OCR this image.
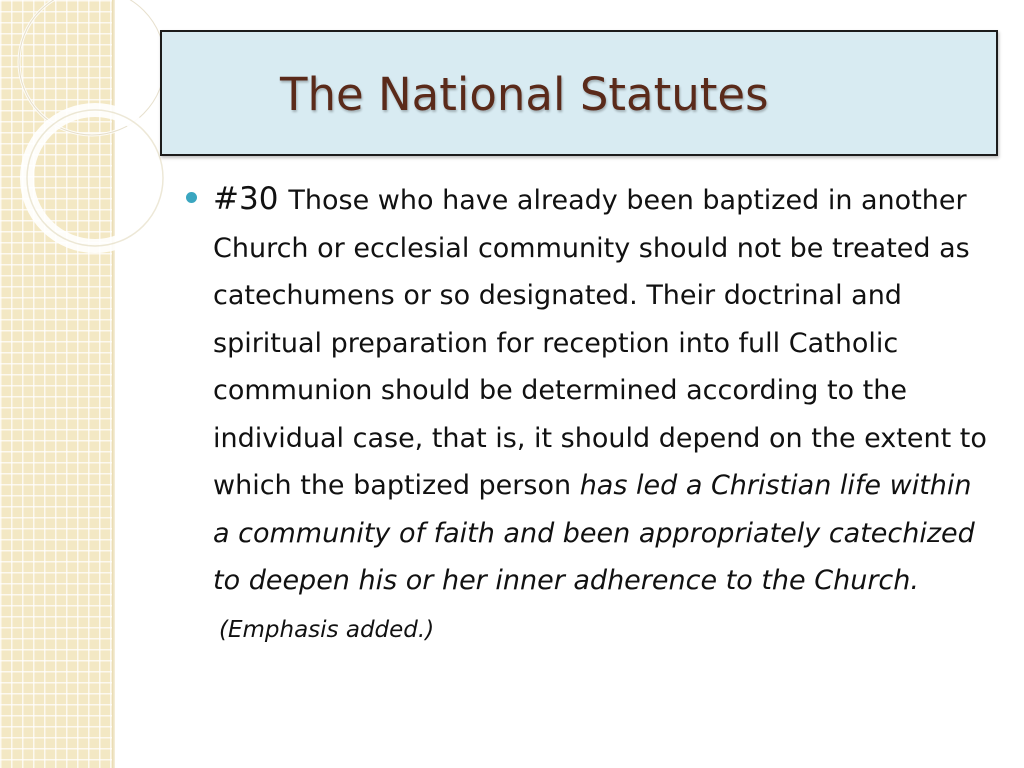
The National Statutes

#30 Those who have already been baptized in another Church or ecclesial community should not be treated as catechumens or so designated. Their doctrinal and spiritual preparation for reception into full Catholic communion should be determined according to the individual case, that is, it should depend on the extent to which the baptized person has led a Christian life within a community of faith and been appropriately catechized to deepen his or her inner adherence to the Church. (Emphasis added.)
